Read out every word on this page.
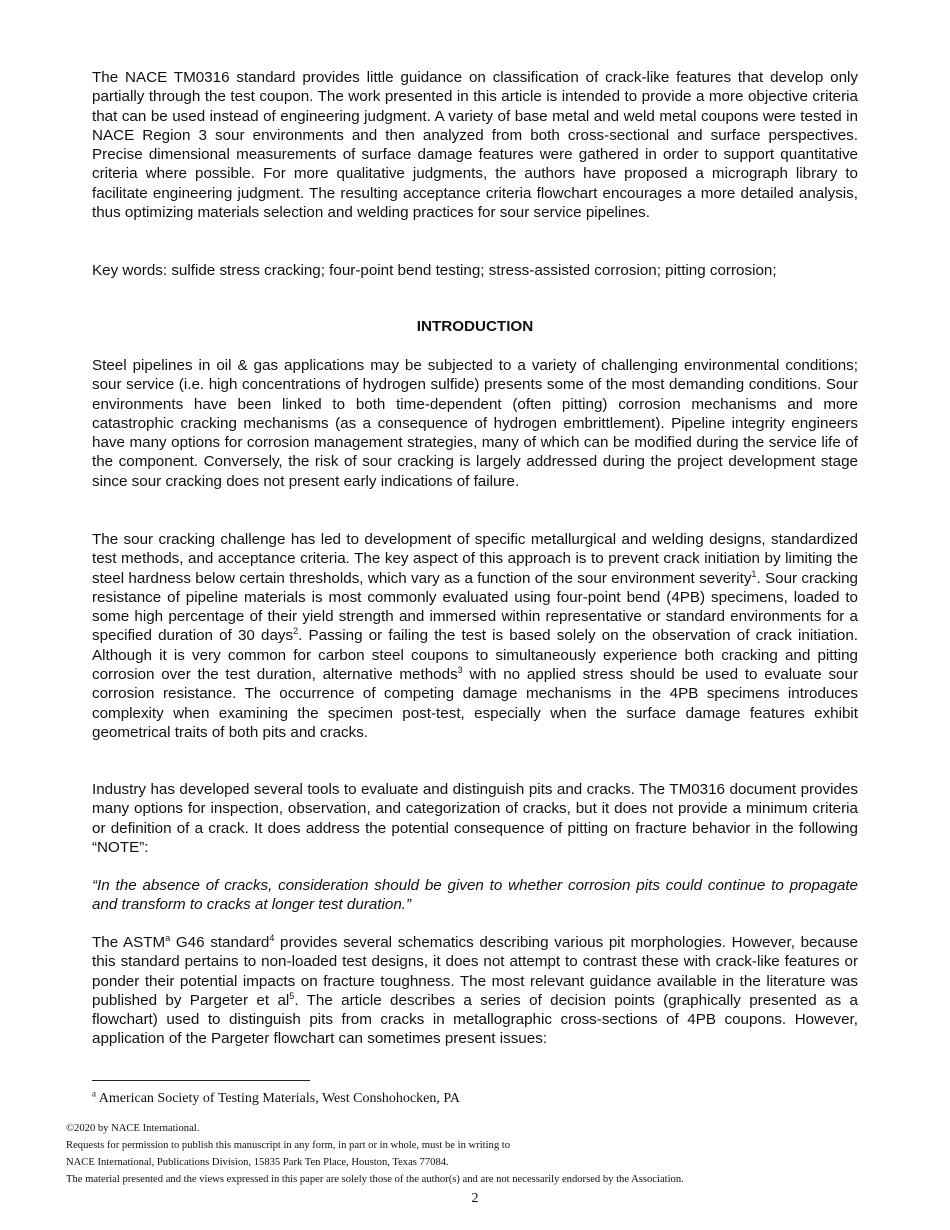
The NACE TM0316 standard provides little guidance on classification of crack-like features that develop only partially through the test coupon. The work presented in this article is intended to provide a more objective criteria that can be used instead of engineering judgment. A variety of base metal and weld metal coupons were tested in NACE Region 3 sour environments and then analyzed from both cross-sectional and surface perspectives. Precise dimensional measurements of surface damage features were gathered in order to support quantitative criteria where possible. For more qualitative judgments, the authors have proposed a micrograph library to facilitate engineering judgment. The resulting acceptance criteria flowchart encourages a more detailed analysis, thus optimizing materials selection and welding practices for sour service pipelines.

Key words: sulfide stress cracking; four-point bend testing; stress-assisted corrosion; pitting corrosion;

INTRODUCTION

Steel pipelines in oil & gas applications may be subjected to a variety of challenging environmental conditions; sour service (i.e. high concentrations of hydrogen sulfide) presents some of the most demanding conditions. Sour environments have been linked to both time-dependent (often pitting) corrosion mechanisms and more catastrophic cracking mechanisms (as a consequence of hydrogen embrittlement). Pipeline integrity engineers have many options for corrosion management strategies, many of which can be modified during the service life of the component. Conversely, the risk of sour cracking is largely addressed during the project development stage since sour cracking does not present early indications of failure.

The sour cracking challenge has led to development of specific metallurgical and welding designs, standardized test methods, and acceptance criteria. The key aspect of this approach is to prevent crack initiation by limiting the steel hardness below certain thresholds, which vary as a function of the sour environment severity$^1$. Sour cracking resistance of pipeline materials is most commonly evaluated using four-point bend (4PB) specimens, loaded to some high percentage of their yield strength and immersed within representative or standard environments for a specified duration of 30 days$^2$. Passing or failing the test is based solely on the observation of crack initiation. Although it is very common for carbon steel coupons to simultaneously experience both cracking and pitting corrosion over the test duration, alternative methods$^3$ with no applied stress should be used to evaluate sour corrosion resistance. The occurrence of competing damage mechanisms in the 4PB specimens introduces complexity when examining the specimen post-test, especially when the surface damage features exhibit geometrical traits of both pits and cracks.

Industry has developed several tools to evaluate and distinguish pits and cracks. The TM0316 document provides many options for inspection, observation, and categorization of cracks, but it does not provide a minimum criteria or definition of a crack. It does address the potential consequence of pitting on fracture behavior in the following “NOTE”:

“In the absence of cracks, consideration should be given to whether corrosion pits could continue to propagate and transform to cracks at longer test duration.”

The ASTM$^a$ G46 standard$^4$ provides several schematics describing various pit morphologies. However, because this standard pertains to non-loaded test designs, it does not attempt to contrast these with crack-like features or ponder their potential impacts on fracture toughness. The most relevant guidance available in the literature was published by Pargeter et $al^5$. The article describes a series of decision points (graphically presented as a flowchart) used to distinguish pits from cracks in metallographic cross-sections of 4PB coupons. However, application of the Pargeter flowchart can sometimes present issues:

$^a$ American Society of Testing Materials, West Conshohocken, PA

©2020 by NACE International.
Requests for permission to publish this manuscript in any form, in part or in whole, must be in writing to
NACE International, Publications Division, 15835 Park Ten Place, Houston, Texas 77084.
The material presented and the views expressed in this paper are solely those of the author(s) and are not necessarily endorsed by the Association.

2
